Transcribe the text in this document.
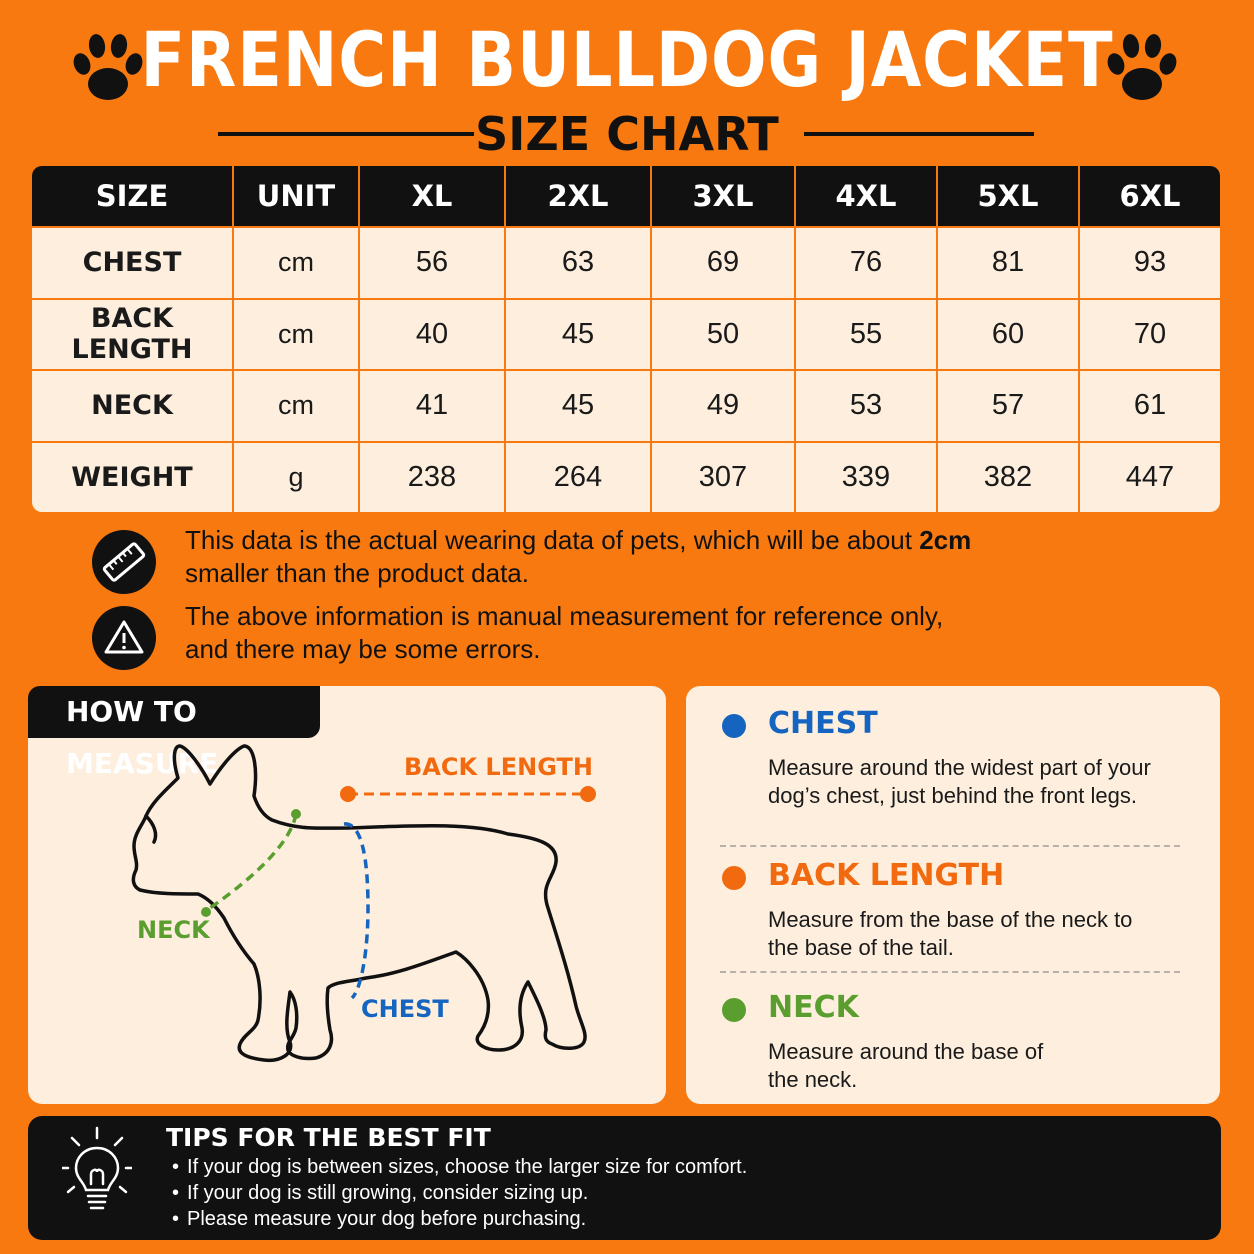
FRENCH BULLDOG JACKET
SIZE CHART
SIZE	UNIT	XL	2XL	3XL	4XL	5XL	6XL
CHEST	cm	56	63	69	76	81	93
BACK LENGTH	cm	40	45	50	55	60	70
NECK	cm	41	45	49	53	57	61
WEIGHT	g	238	264	307	339	382	447
This data is the actual wearing data of pets, which will be about 2cm
smaller than the product data.
The above information is manual measurement for reference only,
and there may be some errors.
HOW TO MEASURE	BACK LENGTH
NECK
CHEST
CHEST
Measure around the widest part of your dog’s chest, just behind the front legs.
BACK LENGTH
Measure from the base of the neck to the base of the tail.
NECK
Measure around the base of the neck.
TIPS FOR THE BEST FIT
• If your dog is between sizes, choose the larger size for comfort.
• If your dog is still growing, consider sizing up.
• Please measure your dog before purchasing.
